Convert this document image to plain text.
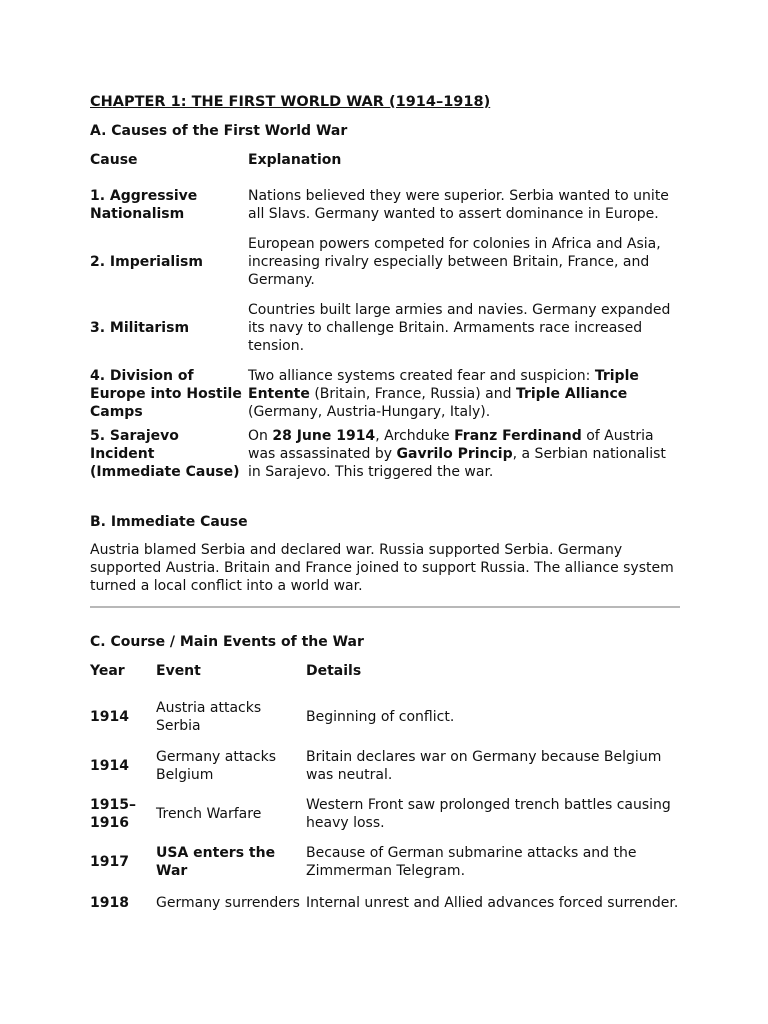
CHAPTER 1: THE FIRST WORLD WAR (1914–1918)
A. Causes of the First World War
Cause	Explanation
1. Aggressive Nationalism	Nations believed they were superior. Serbia wanted to unite all Slavs. Germany wanted to assert dominance in Europe.
2. Imperialism	European powers competed for colonies in Africa and Asia, increasing rivalry especially between Britain, France, and Germany.
3. Militarism	Countries built large armies and navies. Germany expanded its navy to challenge Britain. Armaments race increased tension.
4. Division of Europe into Hostile Camps	Two alliance systems created fear and suspicion: Triple Entente (Britain, France, Russia) and Triple Alliance (Germany, Austria-Hungary, Italy).
5. Sarajevo Incident (Immediate Cause)	On 28 June 1914, Archduke Franz Ferdinand of Austria was assassinated by Gavrilo Princip, a Serbian nationalist in Sarajevo. This triggered the war.
B. Immediate Cause
Austria blamed Serbia and declared war. Russia supported Serbia. Germany supported Austria. Britain and France joined to support Russia. The alliance system turned a local conflict into a world war.
C. Course / Main Events of the War
Year	Event	Details
1914	Austria attacks Serbia	Beginning of conflict.
1914	Germany attacks Belgium	Britain declares war on Germany because Belgium was neutral.
1915–1916	Trench Warfare	Western Front saw prolonged trench battles causing heavy loss.
1917	USA enters the War	Because of German submarine attacks and the Zimmerman Telegram.
1918	Germany surrenders	Internal unrest and Allied advances forced surrender.
